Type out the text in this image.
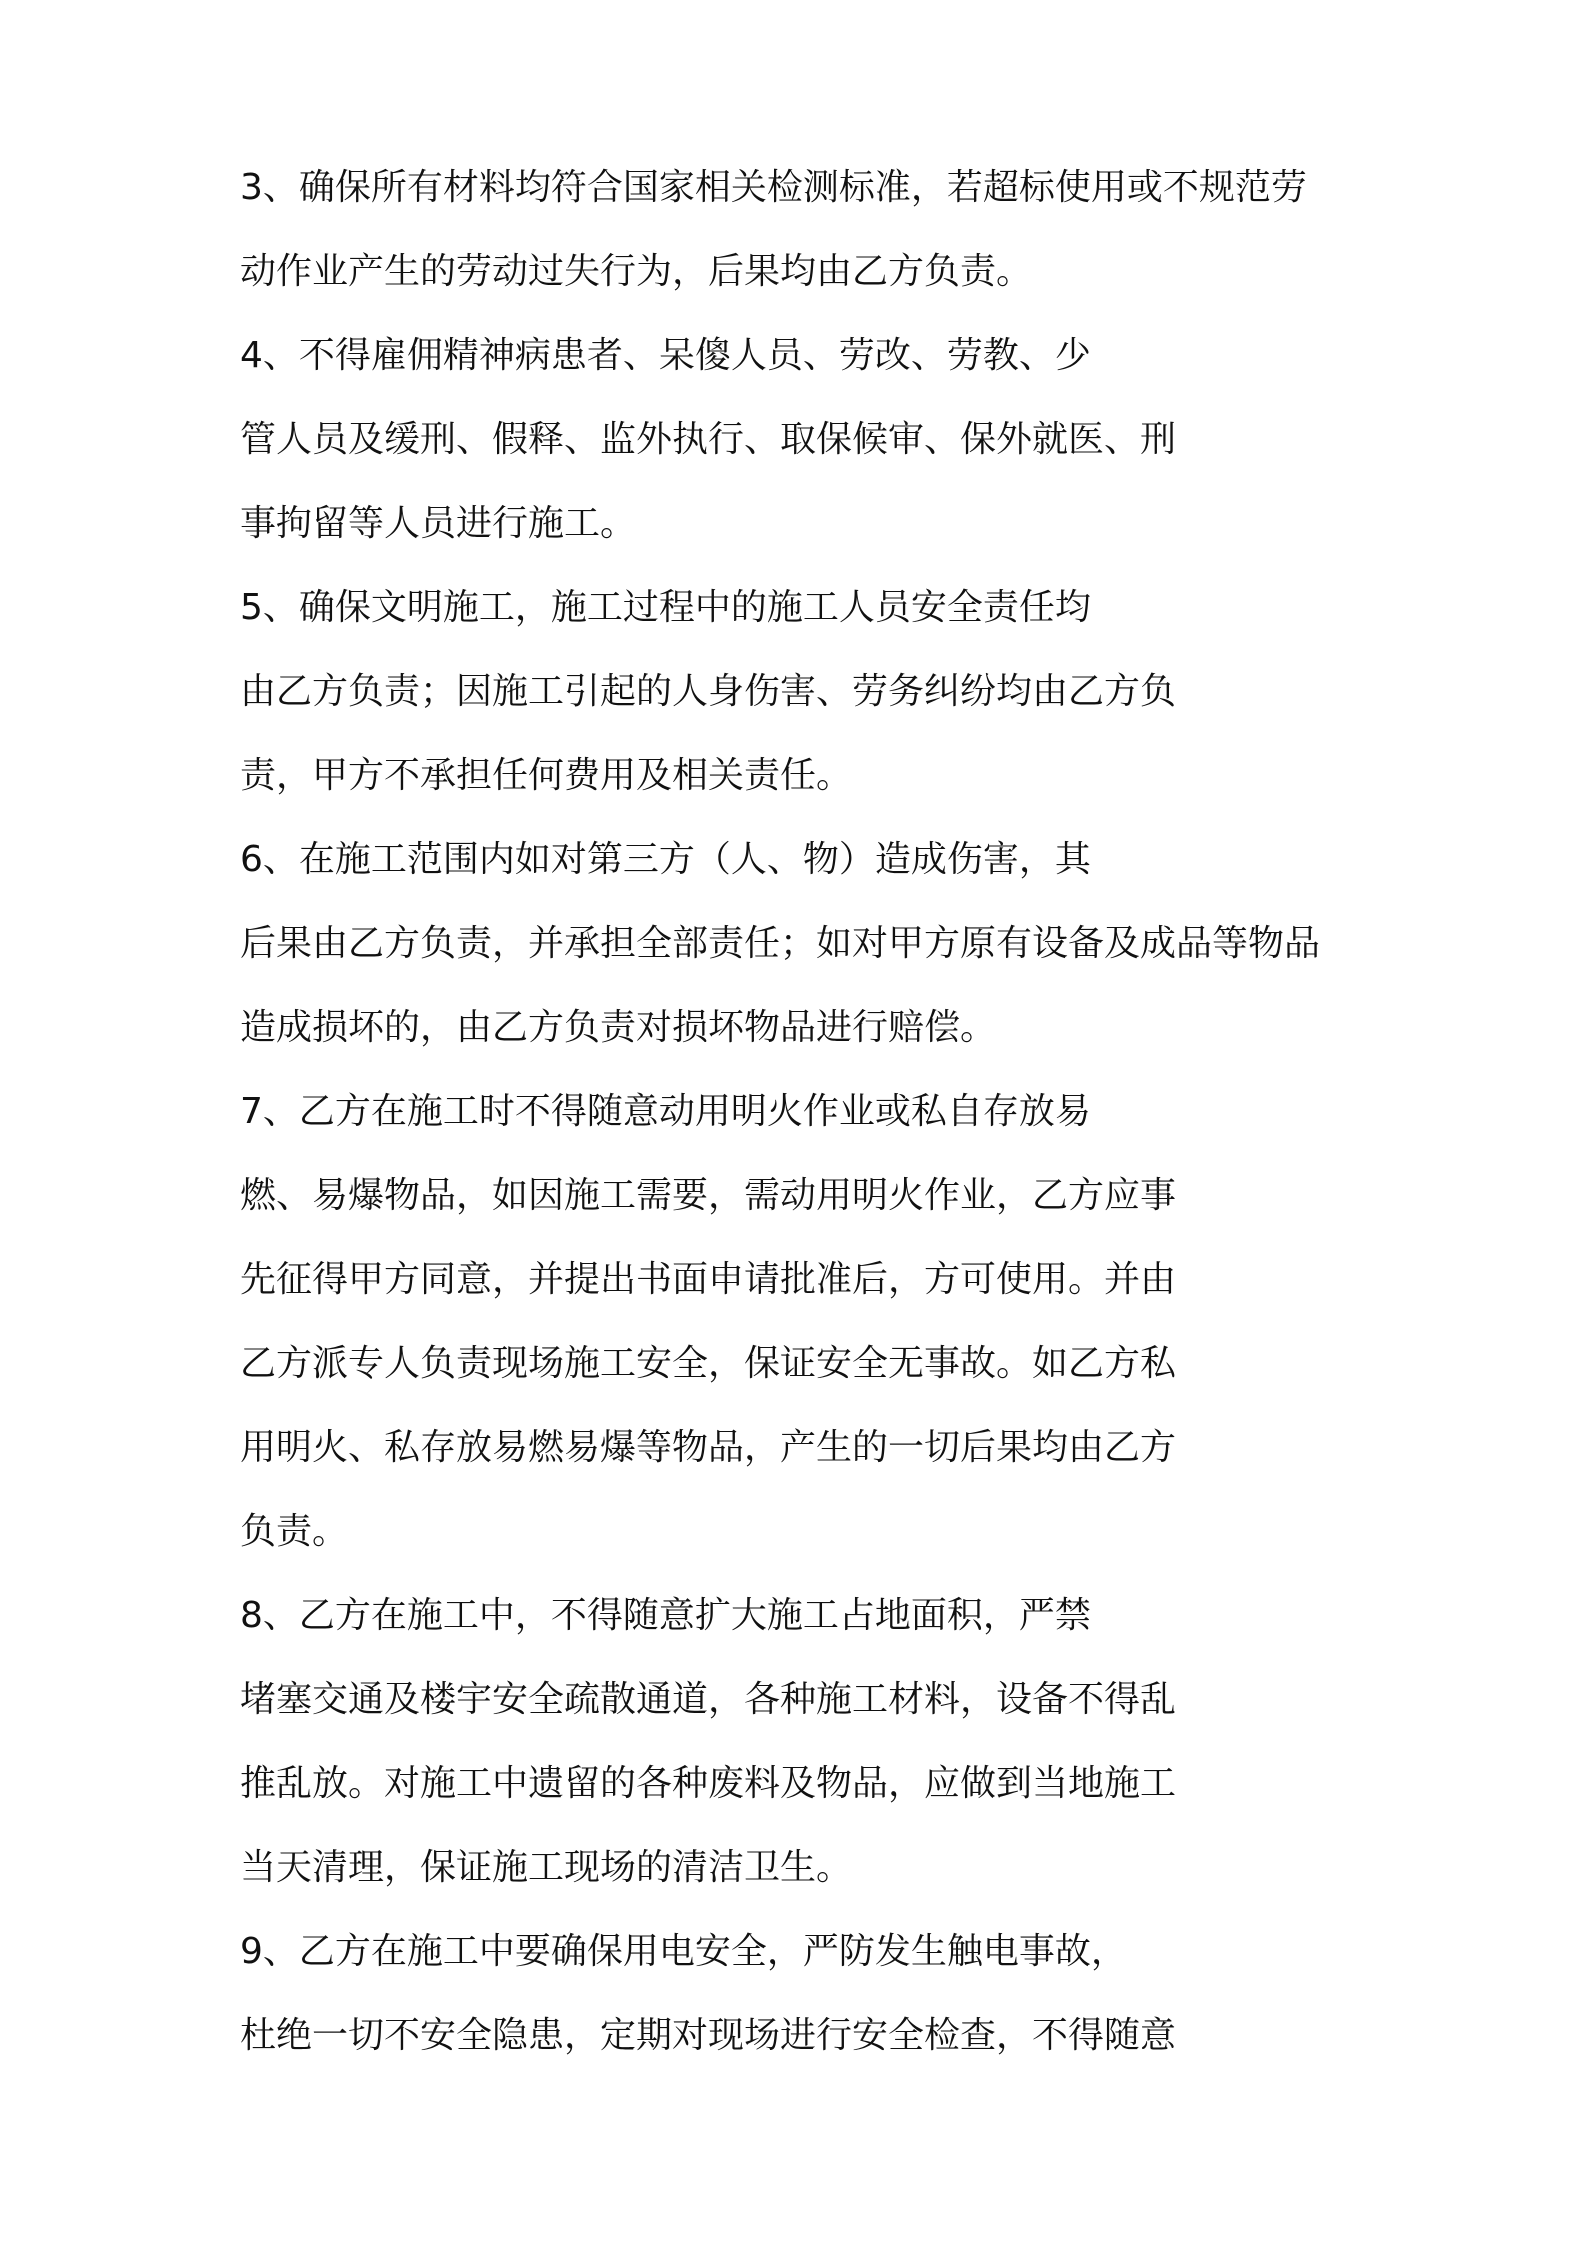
3、确保所有材料均符合国家相关检测标准，若超标使用或不规范劳
动作业产生的劳动过失行为，后果均由乙方负责。
4、不得雇佣精神病患者、呆傻人员、劳改、劳教、少
管人员及缓刑、假释、监外执行、取保候审、保外就医、刑
事拘留等人员进行施工。
5、确保文明施工，施工过程中的施工人员安全责任均
由乙方负责；因施工引起的人身伤害、劳务纠纷均由乙方负
责，甲方不承担任何费用及相关责任。
6、在施工范围内如对第三方（人、物）造成伤害，其
后果由乙方负责，并承担全部责任；如对甲方原有设备及成品等物品
造成损坏的，由乙方负责对损坏物品进行赔偿。
7、乙方在施工时不得随意动用明火作业或私自存放易
燃、易爆物品，如因施工需要，需动用明火作业，乙方应事
先征得甲方同意，并提出书面申请批准后，方可使用。并由
乙方派专人负责现场施工安全，保证安全无事故。如乙方私
用明火、私存放易燃易爆等物品，产生的一切后果均由乙方
负责。
8、乙方在施工中，不得随意扩大施工占地面积，严禁
堵塞交通及楼宇安全疏散通道，各种施工材料，设备不得乱
推乱放。对施工中遗留的各种废料及物品，应做到当地施工
当天清理，保证施工现场的清洁卫生。
9、乙方在施工中要确保用电安全，严防发生触电事故，
杜绝一切不安全隐患，定期对现场进行安全检查，不得随意
